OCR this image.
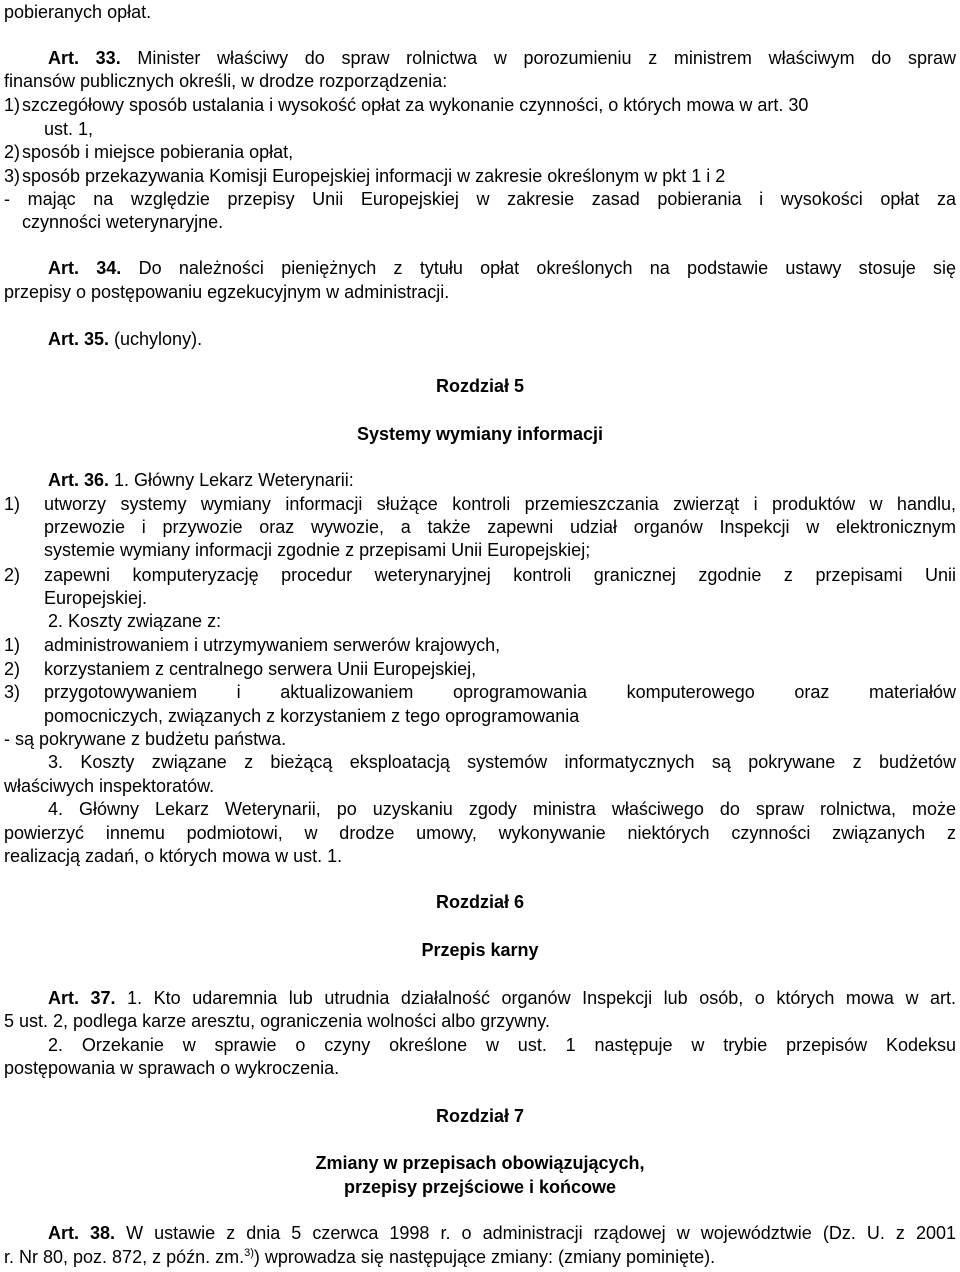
pobieranych opłat.

Art. 33. Minister właściwy do spraw rolnictwa w porozumieniu z ministrem właściwym do spraw

finansów publicznych określi, w drodze rozporządzenia:

1) szczegółowy sposób ustalania i wysokość opłat za wykonanie czynności, o których mowa w art. 30

ust. 1,

2) sposób i miejsce pobierania opłat,
3) sposób przekazywania Komisji Europejskiej informacji w zakresie określonym w pkt 1 i 2

- mając na względzie przepisy Unii Europejskiej w zakresie zasad pobierania i wysokości opłat za

czynności weterynaryjne.

Art. 34. Do należności pieniężnych z tytułu opłat określonych na podstawie ustawy stosuje się

przepisy o postępowaniu egzekucyjnym w administracji.

Art. 35. (uchylony).

Rozdział 5

Systemy wymiany informacji

Art. 36. 1. Główny Lekarz Weterynarii:

1) utworzy systemy wymiany informacji służące kontroli przemieszczania zwierząt i produktów w handlu,

przewozie i przywozie oraz wywozie, a także zapewni udział organów Inspekcji w elektronicznym

systemie wymiany informacji zgodnie z przepisami Unii Europejskiej;

2) zapewni komputeryzację procedur weterynaryjnej kontroli granicznej zgodnie z przepisami Unii

Europejskiej.

2. Koszty związane z:

1) administrowaniem i utrzymywaniem serwerów krajowych,
2) korzystaniem z centralnego serwera Unii Europejskiej,
3) przygotowywaniem i aktualizowaniem oprogramowania komputerowego oraz materiałów

pomocniczych, związanych z korzystaniem z tego oprogramowania

- są pokrywane z budżetu państwa.

3. Koszty związane z bieżącą eksploatacją systemów informatycznych są pokrywane z budżetów

właściwych inspektoratów.

4. Główny Lekarz Weterynarii, po uzyskaniu zgody ministra właściwego do spraw rolnictwa, może

powierzyć innemu podmiotowi, w drodze umowy, wykonywanie niektórych czynności związanych z

realizacją zadań, o których mowa w ust. 1.

Rozdział 6

Przepis karny

Art. 37. 1. Kto udaremnia lub utrudnia działalność organów Inspekcji lub osób, o których mowa w art.

5 ust. 2, podlega karze aresztu, ograniczenia wolności albo grzywny.

2. Orzekanie w sprawie o czyny określone w ust. 1 następuje w trybie przepisów Kodeksu

postępowania w sprawach o wykroczenia.

Rozdział 7

Zmiany w przepisach obowiązujących,

przepisy przejściowe i końcowe

Art. 38. W ustawie z dnia 5 czerwca 1998 r. o administracji rządowej w województwie (Dz. U. z 2001

r. Nr 80, poz. 872, z późn. zm.$^{3)}$) wprowadza się następujące zmiany: (zmiany pominięte).
